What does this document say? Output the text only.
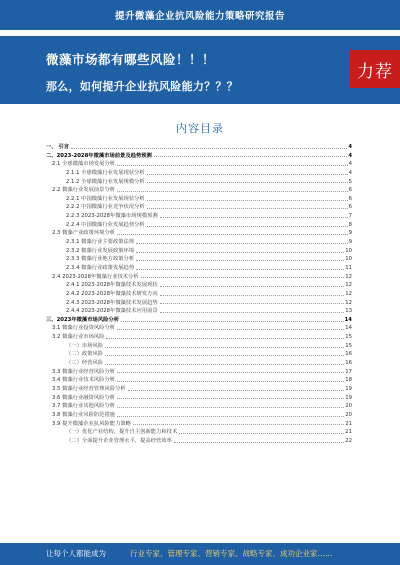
提升微藻企业抗风险能力策略研究报告
微藻市场都有哪些风险！！！
那么，如何提升企业抗风险能力？？？
力荐
内容目录
一、 引言	4
二、2023-2028年微藻市场前景及趋势预测	4
2.1 全球微藻市场发展分析	4
2.1.1 全球微藻行业发展现状分析	4
2.1.2 全球微藻行业发展规模分析	5
2.2 微藻行业发展前景分析	6
2.2.1 中国微藻行业发展现状分析	6
2.2.2 中国微藻行业竞争状况分析	6
2.2.3 2023-2028年微藻市场规模预测	7
2.2.4 中国微藻行业发展趋势分析	8
2.3 微藻产业政策环境分析	9
2.3.1 微藻行业主要政策法规	9
2.3.2 微藻行业发展政策环境	10
2.3.3 微藻行业地方政策分析	10
2.3.4 微藻行业政策发展趋势	11
2.4 2023-2028年微藻行业技术分析	12
2.4.1 2023-2028年微藻技术发展现状	12
2.4.2 2023-2028年微藻技术研发方向	12
2.4.3 2023-2028年微藻技术发展趋势	12
2.4.4 2023-2028年微藻技术应用前景	13
三、2023年微藻市场风险分析	14
3.1 微藻行业投资风险分析	14
3.2 微藻行业市场风险	15
（一）市场风险	15
（二）政策风险	16
（三）经营风险	16
3.3 微藻行业经营风险分析	17
3.4 微藻行业技术风险分析	18
3.5 微藻行业经营管理风险分析	19
3.6 微藻行业融资风险分析	19
3.7 微藻行业其他风险分析	20
3.8 微藻行业风险防范措施	20
3.9 提升微藻企业抗风险能力策略	21
（一）优化产业结构，提升自主创新能力和技术	21
（二）全面提升企业管理水平，提高经营效率	22
让每个人都能成为	行业专家、管理专家、营销专家、战略专家、成功企业家……
